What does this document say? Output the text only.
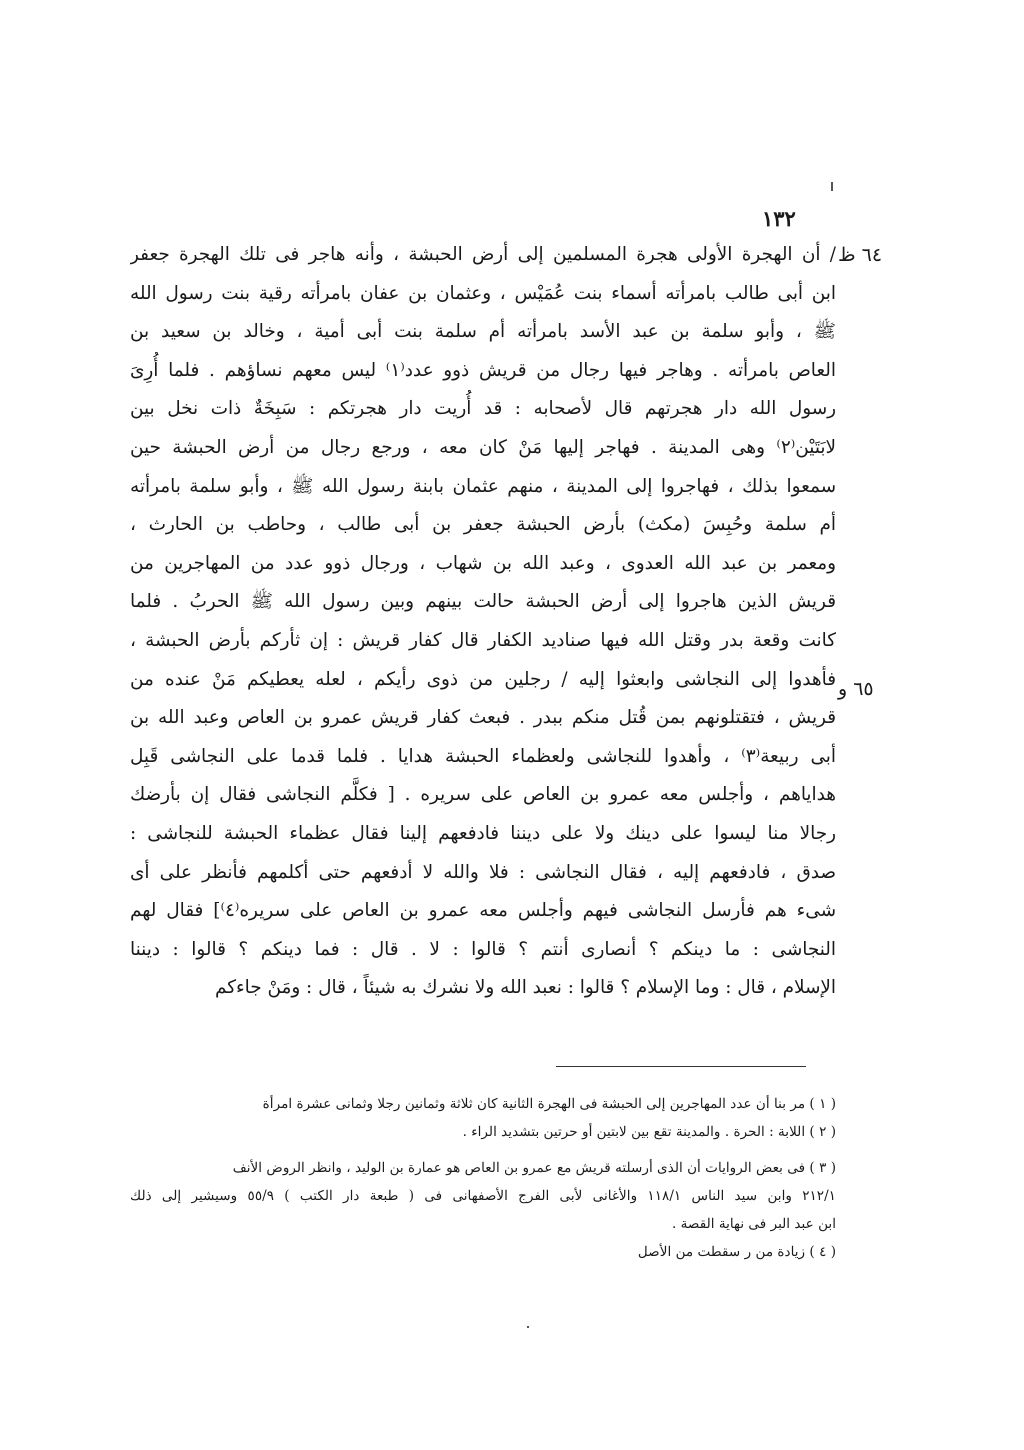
١٣٢
٦٤ ظ
٦٥ و
/ أن الهجرة الأولى هجرة المسلمين إلى أرض الحبشة ، وأنه هاجر فى تلك الهجرة جعفر
ابن أبى طالب بامرأته أسماء بنت عُمَيْس ، وعثمان بن عفان بامرأته رقية بنت رسول الله
ﷺ ، وأبو سلمة بن عبد الأسد بامرأته أم سلمة بنت أبى أمية ، وخالد بن سعيد بن
العاص بامرأته . وهاجر فيها رجال من قريش ذوو عدد⁽١⁾ ليس معهم نساؤهم . فلما أُرِىَ
رسول الله دار هجرتهم قال لأصحابه : قد أُريت دار هجرتكم : سَبِخَةٌ ذات نخل بين
لابَتَيْن⁽٢⁾ وهى المدينة . فهاجر إليها مَنْ كان معه ، ورجع رجال من أرض الحبشة حين
سمعوا بذلك ، فهاجروا إلى المدينة ، منهم عثمان بابنة رسول الله ﷺ ، وأبو سلمة بامرأته
أم سلمة وحُبِسَ (مكث) بأرض الحبشة جعفر بن أبى طالب ، وحاطب بن الحارث ،
ومعمر بن عبد الله العدوى ، وعبد الله بن شهاب ، ورجال ذوو عدد من المهاجرين من
قريش الذين هاجروا إلى أرض الحبشة حالت بينهم وبين رسول الله ﷺ الحربُ . فلما
كانت وقعة بدر وقتل الله فيها صناديد الكفار قال كفار قريش : إن ثأركم بأرض الحبشة ،
فأهدوا إلى النجاشى وابعثوا إليه / رجلين من ذوى رأيكم ، لعله يعطيكم مَنْ عنده من
قريش ، فتقتلونهم بمن قُتل منكم ببدر . فبعث كفار قريش عمرو بن العاص وعبد الله بن
أبى ربيعة⁽٣⁾ ، وأهدوا للنجاشى ولعظماء الحبشة هدايا . فلما قدما على النجاشى قَبِل
هداياهم ، وأجلس معه عمرو بن العاص على سريره . [ فكلَّم النجاشى فقال إن بأرضك
رجالا منا ليسوا على دينك ولا على ديننا فادفعهم إلينا فقال عظماء الحبشة للنجاشى :
صدق ، فادفعهم إليه ، فقال النجاشى : فلا والله لا أدفعهم حتى أكلمهم فأنظر على أى
شىء هم فأرسل النجاشى فيهم وأجلس معه عمرو بن العاص على سريره⁽٤⁾] فقال لهم
النجاشى : ما دينكم ؟ أنصارى أنتم ؟ قالوا : لا . قال : فما دينكم ؟ قالوا : ديننا
الإسلام ، قال : وما الإسلام ؟ قالوا : نعبد الله ولا نشرك به شيئاً ، قال : ومَنْ جاءكم
( ١ ) مر بنا أن عدد المهاجرين إلى الحبشة فى الهجرة الثانية كان ثلاثة وثمانين رجلا وثمانى عشرة امرأة
( ٢ ) اللابة : الحرة . والمدينة تقع بين لابتين أو حرتين بتشديد الراء .
( ٣ ) فى بعض الروايات أن الذى أرسلته قريش مع عمرو بن العاص هو عمارة بن الوليد ، وانظر الروض الأنف
٢١٢/١ وابن سيد الناس ١١٨/١ والأغانى لأبى الفرج الأصفهانى فى ( طبعة دار الكتب ) ٥٥/٩ وسيشير إلى ذلك
ابن عبد البر فى نهاية القصة .
( ٤ ) زيادة من ر سقطت من الأصل
